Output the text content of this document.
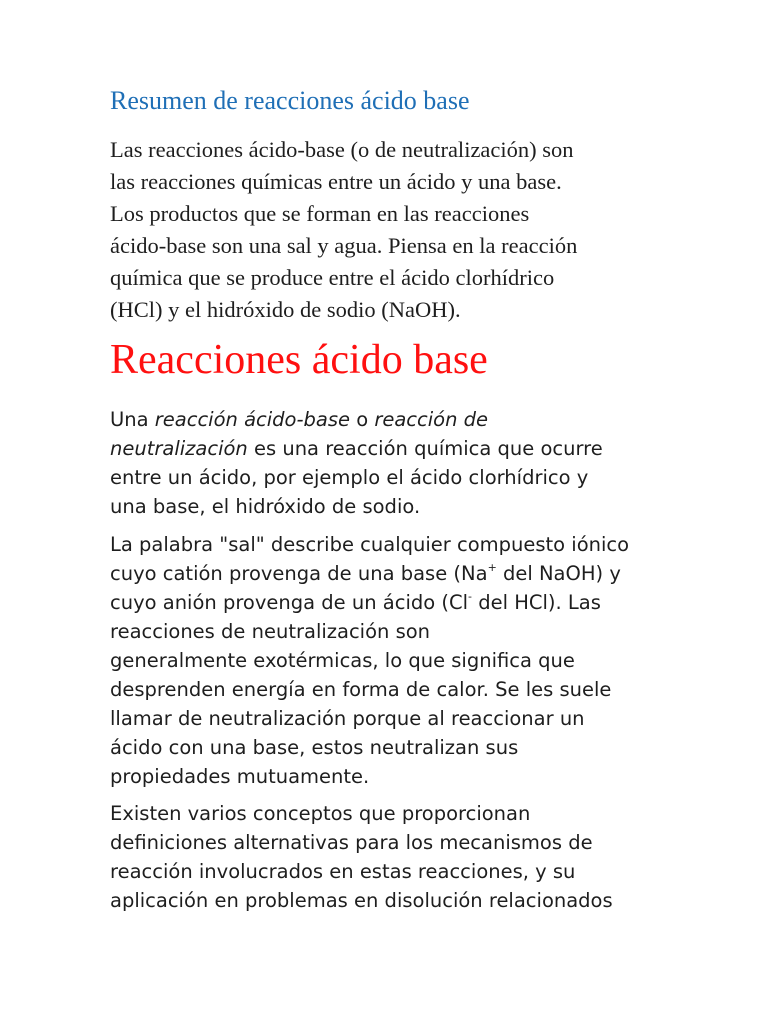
Resumen de reacciones ácido base

Las reacciones ácido-base (o de neutralización) son
las reacciones químicas entre un ácido y una base.
Los productos que se forman en las reacciones
ácido-base son una sal y agua. Piensa en la reacción
química que se produce entre el ácido clorhídrico
(HCl) y el hidróxido de sodio (NaOH).

Reacciones ácido base

Una reacción ácido-base o reacción de
neutralización es una reacción química que ocurre
entre un ácido, por ejemplo el ácido clorhídrico y
una base, el hidróxido de sodio.

La palabra "sal" describe cualquier compuesto iónico
cuyo catión provenga de una base (Na+ del NaOH) y
cuyo anión provenga de un ácido (Cl- del HCl). Las
reacciones de neutralización son
generalmente exotérmicas, lo que significa que
desprenden energía en forma de calor. Se les suele
llamar de neutralización porque al reaccionar un
ácido con una base, estos neutralizan sus
propiedades mutuamente.

Existen varios conceptos que proporcionan
definiciones alternativas para los mecanismos de
reacción involucrados en estas reacciones, y su
aplicación en problemas en disolución relacionados
